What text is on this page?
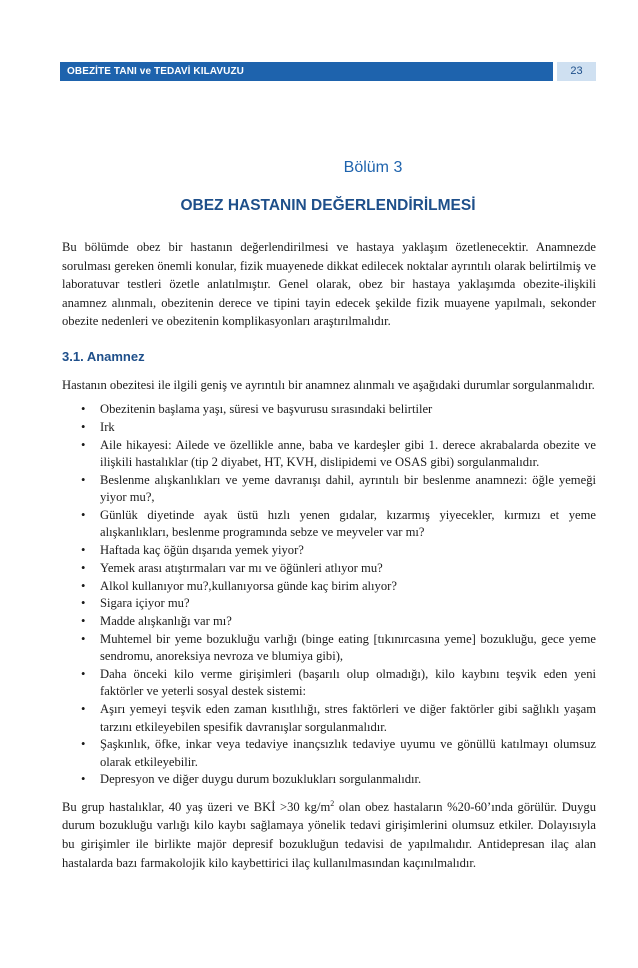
OBEZİTE TANI ve TEDAVİ KILAVUZU	23
Bölüm 3
OBEZ HASTANIN DEĞERLENDİRİLMESİ

Bu bölümde obez bir hastanın değerlendirilmesi ve hastaya yaklaşım özetlenecektir. Anamnezde sorulması gereken önemli konular, fizik muayenede dikkat edilecek noktalar ayrıntılı olarak belirtilmiş ve laboratuvar testleri özetle anlatılmıştır. Genel olarak, obez bir hastaya yaklaşımda obezite-ilişkili anamnez alınmalı, obezitenin derece ve tipini tayin edecek şekilde fizik muayene yapılmalı, sekonder obezite nedenleri ve obezitenin komplikasyonları araştırılmalıdır.

3.1. Anamnez

Hastanın obezitesi ile ilgili geniş ve ayrıntılı bir anamnez alınmalı ve aşağıdaki durumlar sorgulanmalıdır.

• Obezitenin başlama yaşı, süresi ve başvurusu sırasındaki belirtiler
• Irk
• Aile hikayesi: Ailede ve özellikle anne, baba ve kardeşler gibi 1. derece akrabalarda obezite ve ilişkili hastalıklar (tip 2 diyabet, HT, KVH, dislipidemi ve OSAS gibi) sorgulanmalıdır.
• Beslenme alışkanlıkları ve yeme davranışı dahil, ayrıntılı bir beslenme anamnezi: öğle yemeği yiyor mu?,
• Günlük diyetinde ayak üstü hızlı yenen gıdalar, kızarmış yiyecekler, kırmızı et yeme alışkanlıkları, beslenme programında sebze ve meyveler var mı?
• Haftada kaç öğün dışarıda yemek yiyor?
• Yemek arası atıştırmaları var mı ve öğünleri atlıyor mu?
• Alkol kullanıyor mu?,kullanıyorsa günde kaç birim alıyor?
• Sigara içiyor mu?
• Madde alışkanlığı var mı?
• Muhtemel bir yeme bozukluğu varlığı (binge eating [tıkınırcasına yeme] bozukluğu, gece yeme sendromu, anoreksiya nevroza ve blumiya gibi),
• Daha önceki kilo verme girişimleri (başarılı olup olmadığı), kilo kaybını teşvik eden yeni faktörler ve yeterli sosyal destek sistemi:
• Aşırı yemeyi teşvik eden zaman kısıtlılığı, stres faktörleri ve diğer faktörler gibi sağlıklı yaşam tarzını etkileyebilen spesifik davranışlar sorgulanmalıdır.
• Şaşkınlık, öfke, inkar veya tedaviye inançsızlık tedaviye uyumu ve gönüllü katılmayı olumsuz olarak etkileyebilir.
• Depresyon ve diğer duygu durum bozuklukları sorgulanmalıdır.

Bu grup hastalıklar, 40 yaş üzeri ve BKİ >30 $kg/m^2$ olan obez hastaların %20-60’ında görülür. Duygu durum bozukluğu varlığı kilo kaybı sağlamaya yönelik tedavi girişimlerini olumsuz etkiler. Dolayısıyla bu girişimler ile birlikte majör depresif bozukluğun tedavisi de yapılmalıdır. Antidepresan ilaç alan hastalarda bazı farmakolojik kilo kaybettirici ilaç kullanılmasından kaçınılmalıdır.
